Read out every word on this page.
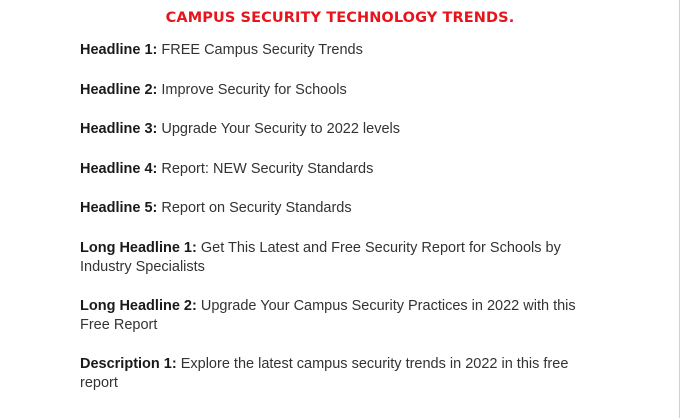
CAMPUS SECURITY TECHNOLOGY TRENDS.

Headline 1: FREE Campus Security Trends

Headline 2: Improve Security for Schools

Headline 3: Upgrade Your Security to 2022 levels

Headline 4: Report: NEW Security Standards

Headline 5: Report on Security Standards

Long Headline 1: Get This Latest and Free Security Report for Schools by Industry Specialists

Long Headline 2: Upgrade Your Campus Security Practices in 2022 with this Free Report

Description 1: Explore the latest campus security trends in 2022 in this free report
